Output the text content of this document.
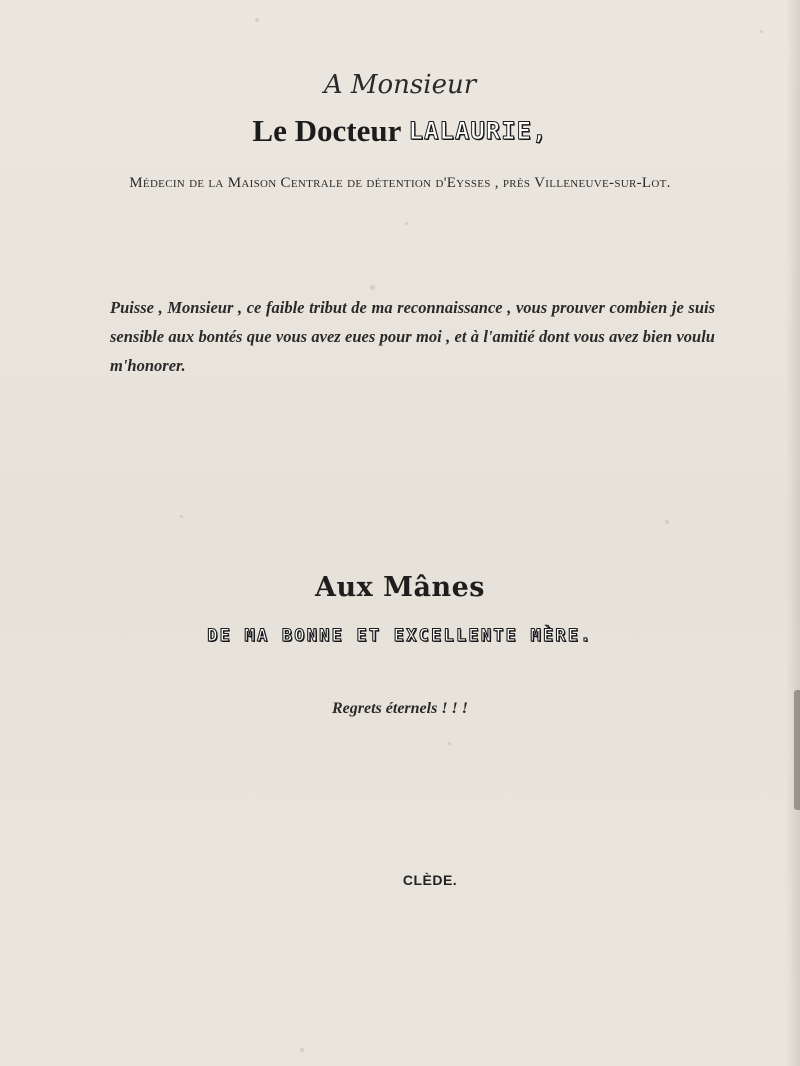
A Monsieur
Le Docteur LALAURIE,
Médecin de la Maison Centrale de détention d'Eysses , près Villeneuve-sur-Lot.
Puisse , Monsieur , ce faible tribut de ma reconnaissance , vous prouver combien je suis sensible aux bontés que vous avez eues pour moi , et à l'amitié dont vous avez bien voulu m'honorer.
Aux Mânes
DE MA BONNE ET EXCELLENTE MÈRE.
Regrets éternels ! ! !
CLÈDE.
